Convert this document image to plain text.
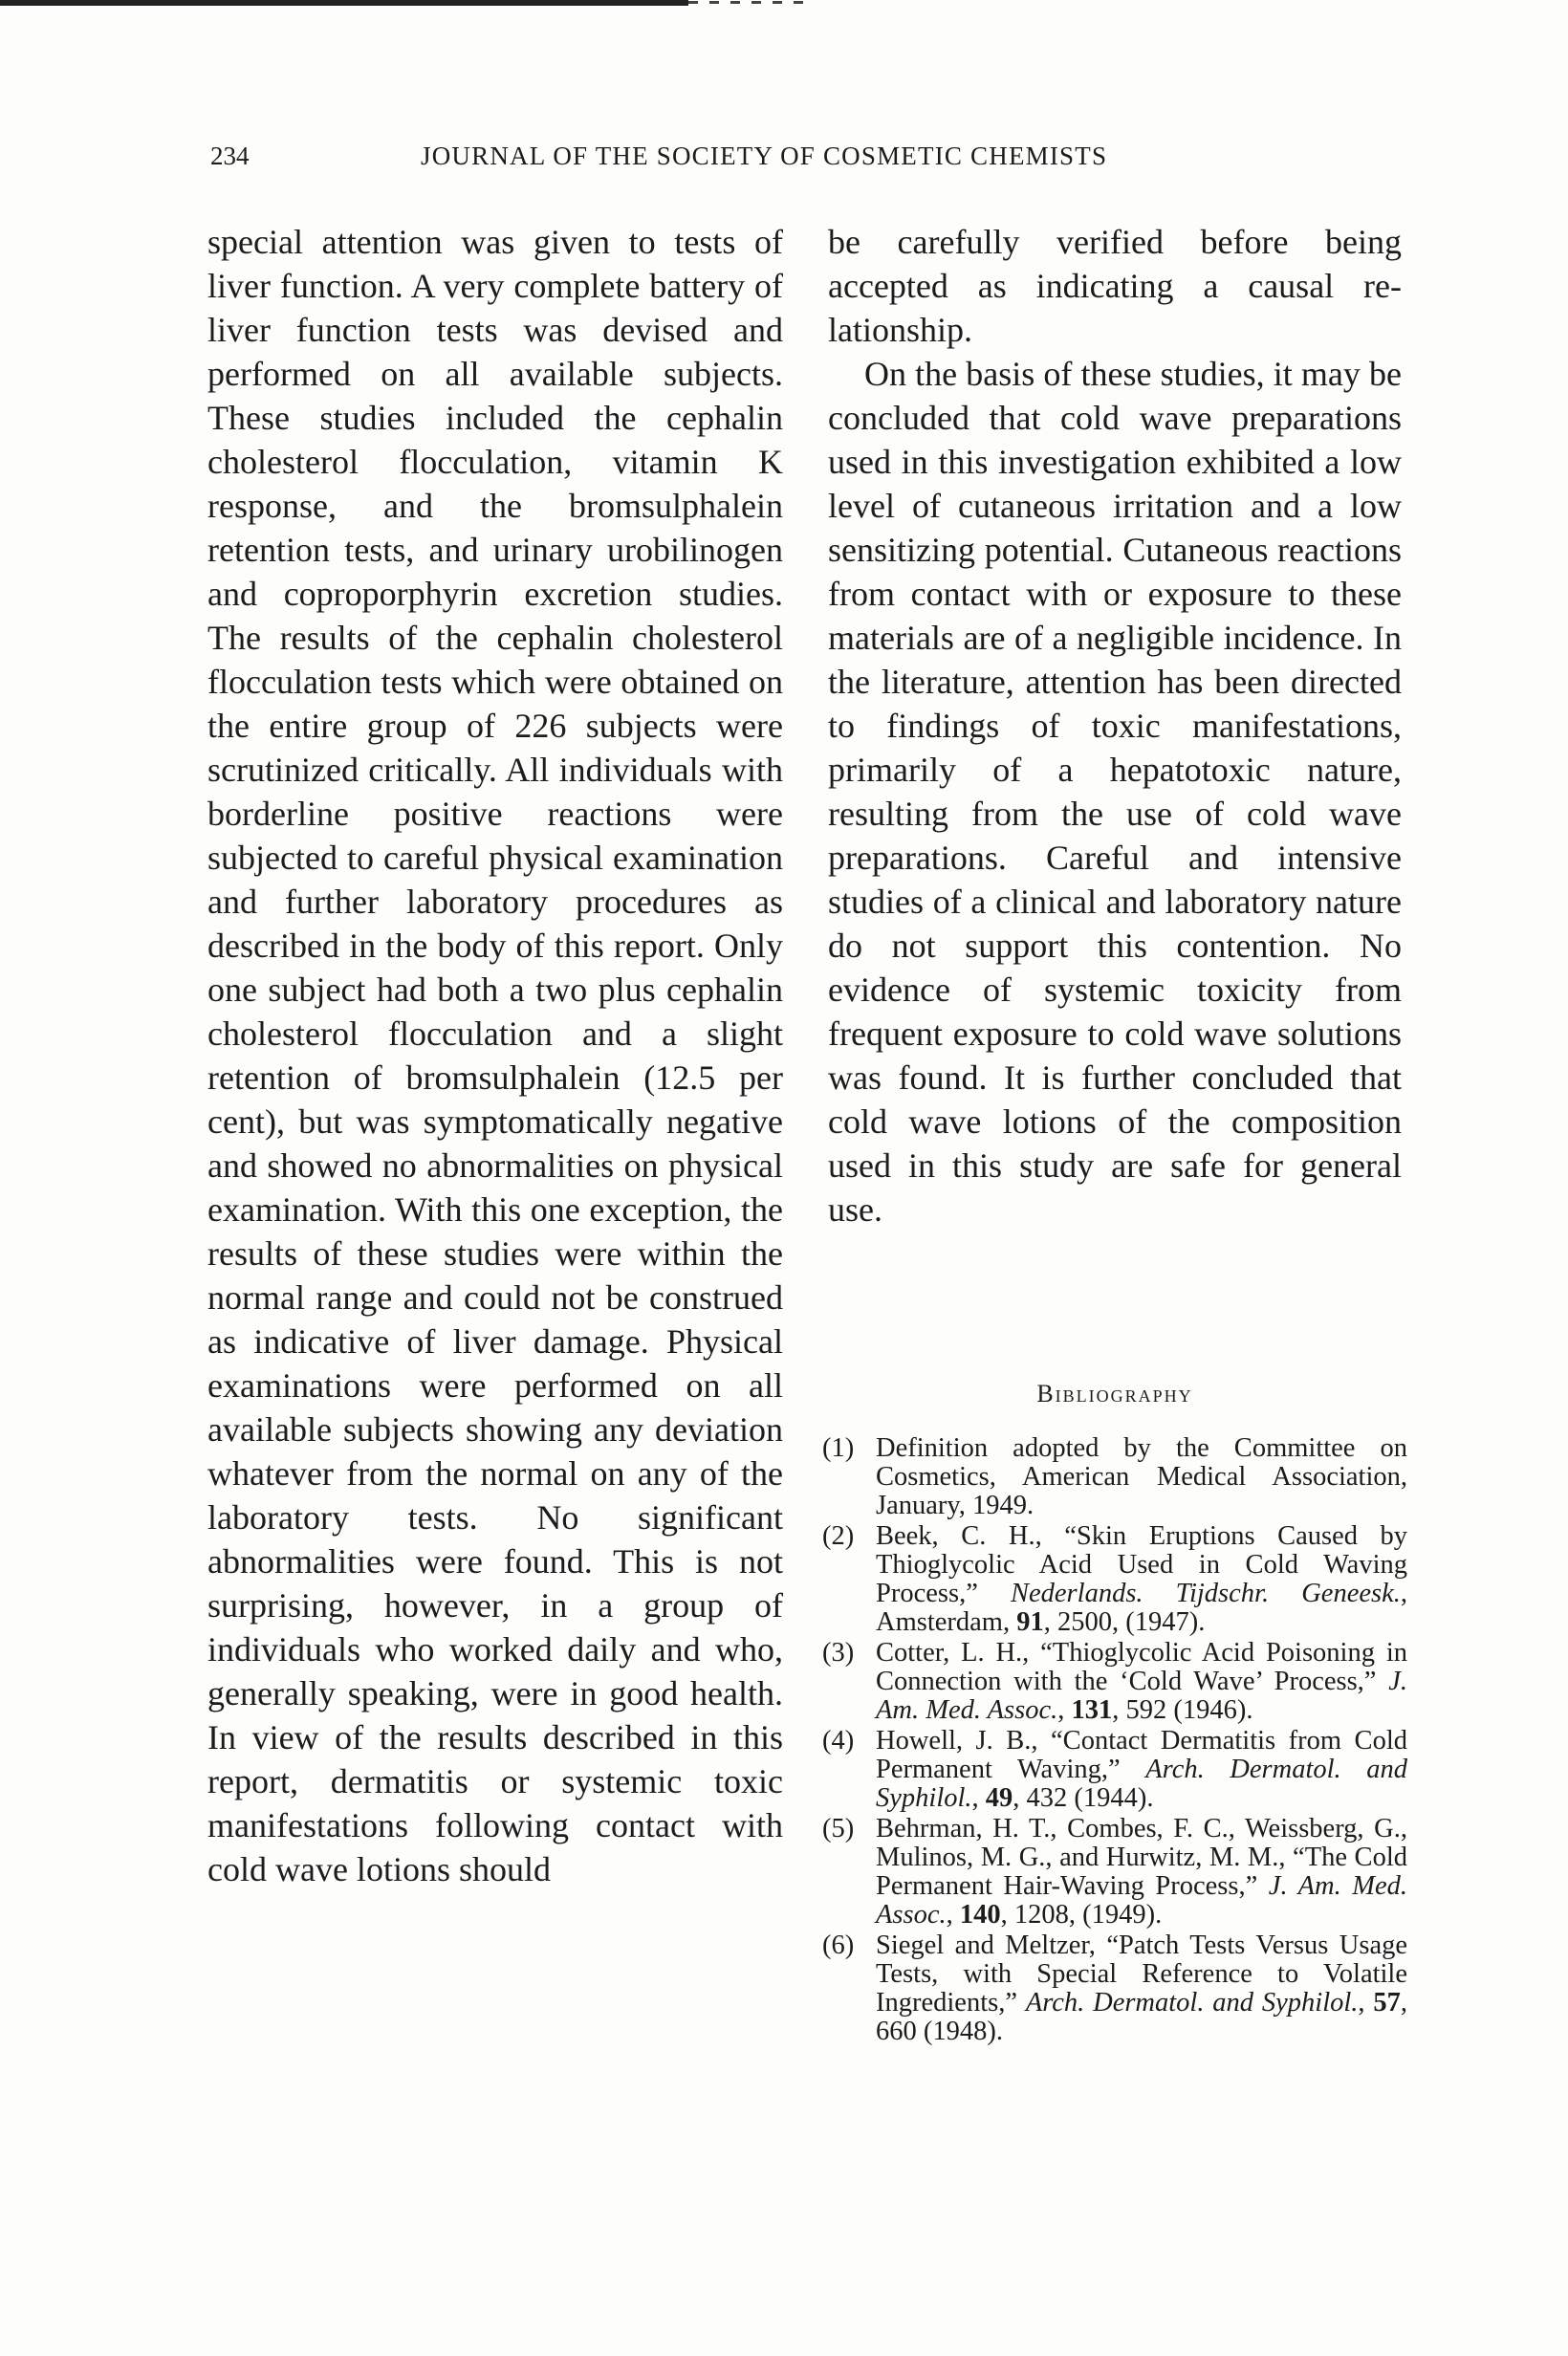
234	JOURNAL OF THE SOCIETY OF COSMETIC CHEMISTS

special attention was given to tests of liver function. A very complete battery of liver function tests was devised and performed on all available subjects. These studies included the cephalin cholesterol flocculation, vitamin K response, and the bromsulphalein retention tests, and urinary urobilinogen and coproporphyrin excretion studies. The results of the cephalin cholesterol flocculation tests which were obtained on the entire group of 226 subjects were scrutinized critically. All individuals with borderline positive reactions were subjected to careful physical examination and further laboratory procedures as described in the body of this report. Only one subject had both a two plus cephalin cholesterol flocculation and a slight retention of bromsulphalein (12.5 per cent), but was symptomatically negative and showed no abnormalities on physical examination. With this one exception, the results of these studies were within the normal range and could not be construed as indicative of liver damage. Physical examinations were performed on all available subjects showing any deviation whatever from the normal on any of the laboratory tests. No significant abnormalities were found. This is not surprising, however, in a group of individuals who worked daily and who, generally speaking, were in good health. In view of the results described in this report, dermatitis or systemic toxic manifestations following contact with cold wave lotions should

be carefully verified before being accepted as indicating a causal relationship.

On the basis of these studies, it may be concluded that cold wave preparations used in this investigation exhibited a low level of cutaneous irritation and a low sensitizing potential. Cutaneous reactions from contact with or exposure to these materials are of a negligible incidence. In the literature, attention has been directed to findings of toxic manifestations, primarily of a hepatotoxic nature, resulting from the use of cold wave preparations. Careful and intensive studies of a clinical and laboratory nature do not support this contention. No evidence of systemic toxicity from frequent exposure to cold wave solutions was found. It is further concluded that cold wave lotions of the composition used in this study are safe for general use.

Bibliography
(1) Definition adopted by the Committee on Cosmetics, American Medical Association, January, 1949.
(2) Beek, C. H., “Skin Eruptions Caused by Thioglycolic Acid Used in Cold Waving Process,” Nederlands. Tijdschr. Geneesk., Amsterdam, 91, 2500, (1947).
(3) Cotter, L. H., “Thioglycolic Acid Poisoning in Connection with the ‘Cold Wave’ Process,” J. Am. Med. Assoc., 131, 592 (1946).
(4) Howell, J. B., “Contact Dermatitis from Cold Permanent Waving,” Arch. Dermatol. and Syphilol., 49, 432 (1944).
(5) Behrman, H. T., Combes, F. C., Weissberg, G., Mulinos, M. G., and Hurwitz, M. M., “The Cold Permanent Hair-Waving Process,” J. Am. Med. Assoc., 140, 1208, (1949).
(6) Siegel and Meltzer, “Patch Tests Versus Usage Tests, with Special Reference to Volatile Ingredients,” Arch. Dermatol. and Syphilol., 57, 660 (1948).
